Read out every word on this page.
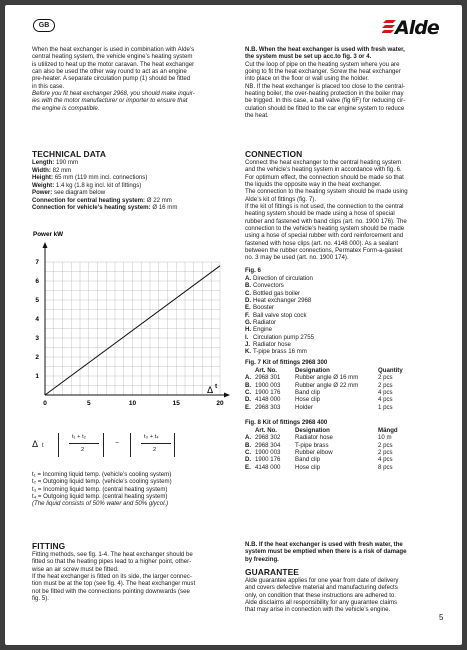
GB	Alde
When the heat exchanger is used in combination with Alde’s
central heating system, the vehicle engine’s heating system
is utilized to heat up the motor caravan. The heat exchanger
can also be used the other way round to act as an engine
pre-heater. A separate circulation pump (1) should be fitted
in this case.
Before you fit heat exchanger 2968, you should make inquir-
ies with the motor manufacturer or importer to ensure that
the engine is compatible.
TECHNICAL DATA
Length: 190 mm
Width: 82 mm
Height: 65 mm (119 mm incl. connections)
Weight: 1.4 kg (1.8 kg incl. kit of fittings)
Power: see diagram below
Connection for central heating system: Ø 22 mm
Connection for vehicle’s heating system: Ø 16 mm
Power kW
0	5	10	15	20
1
2
3
4
5
6
7
Δ t
Δ t
t₁ + t₂
2
−
t₃ + t₄
2
t₁ = Incoming liquid temp. (vehicle’s cooling system)
t₂ = Outgoing liquid temp. (vehicle’s cooling system)
t₃ = Incoming liquid temp. (central heating system)
t₄ = Outgoing liquid temp. (central heating system)
(The liquid consists of 50% water and 50% glycol.)
FITTING
Fitting methods, see fig. 1-4. The heat exchanger should be
fitted so that the heating pipes lead to a higher point, other-
wise an air screw must be fitted.
If the heat exchanger is fitted on its side, the larger connec-
tion must be at the top (see fig. 4). The heat exchanger must
not be fitted with the connections pointing downwards (see
fig. 5).
N.B. When the heat exchanger is used with fresh water,
the system must be set up acc.to fig. 3 or 4.
Cut the loop of pipe on the heating system where you are
going to fit the heat exchanger. Screw the heat exchanger
into place on the floor or wall using the holder.
NB. If the heat exchanger is placed too close to the central-
heating boiler, the over-heating protection in the boiler may
be trigged. In this case, a ball valve (fig 6F) for reducing cir-
culation should be fitted to the car engine system to reduce
the heat.
CONNECTION
Connect the heat exchanger to the central heating system
and the vehicle’s heating system in accordance with fig. 6.
For optimum effect, the connection should be made so that
the liquids the opposite way in the heat exchanger.
The connection to the heating system should be made using
Alde’s kit of fittings (fig. 7).
If the kit of fittings is not used, the connection to the central
heating system should be made using a hose of special
rubber and fastened with band clips (art. no. 1900 176). The
connection to the vehicle’s heating system should be made
using a hose of special rubber with cord reinforcement and
fastened with hose clips (art. no. 4148 000). As a sealant
between the rubber connections, Permatex Form-a-gasket
no. 3 may be used (art. no. 1900 174).
Fig. 6
A. Direction of circulation
B. Convectors
C. Bottled gas boiler
D. Heat exchanger 2968
E. Booster
F. Ball valve stop cock
G. Radiator
H. Engine
I. Circulation pump 2755
J. Radiator hose
K. T-pipe brass 16 mm
Fig. 7 Kit of fittings 2968 300
Art. No.	Designation	Quantity
A. 2968 301	Rubber angle Ø 16 mm	2 pcs
B. 1900 003	Rubber angle Ø 22 mm	2 pcs
C. 1900 176	Band clip	4 pcs
D. 4148 000	Hose clip	4 pcs
E. 2968 303	Holder	1 pcs
Fig. 8 Kit of fittings 2968 400
Art. No.	Designation	Mängd
A. 2968 302	Radiator hose	10 m
B. 2968 304	T-pipe brass	2 pcs
C. 1900 003	Rubber elbow	2 pcs
D. 1900 176	Band clip	4 pcs
E. 4148 000	Hose clip	8 pcs
N.B. If the heat exchanger is used with fresh water, the
system must be emptied when there is a risk of damage
by freezing.
GUARANTEE
Alde guarantee applies for one year from date of delivery
and covers defective material and manufacturing defects
only, on condition that these instructions are adhered to.
Alde disclaims all responsibility for any guarantee claims
that may arise in connection with the vehicle’s engine.
5
